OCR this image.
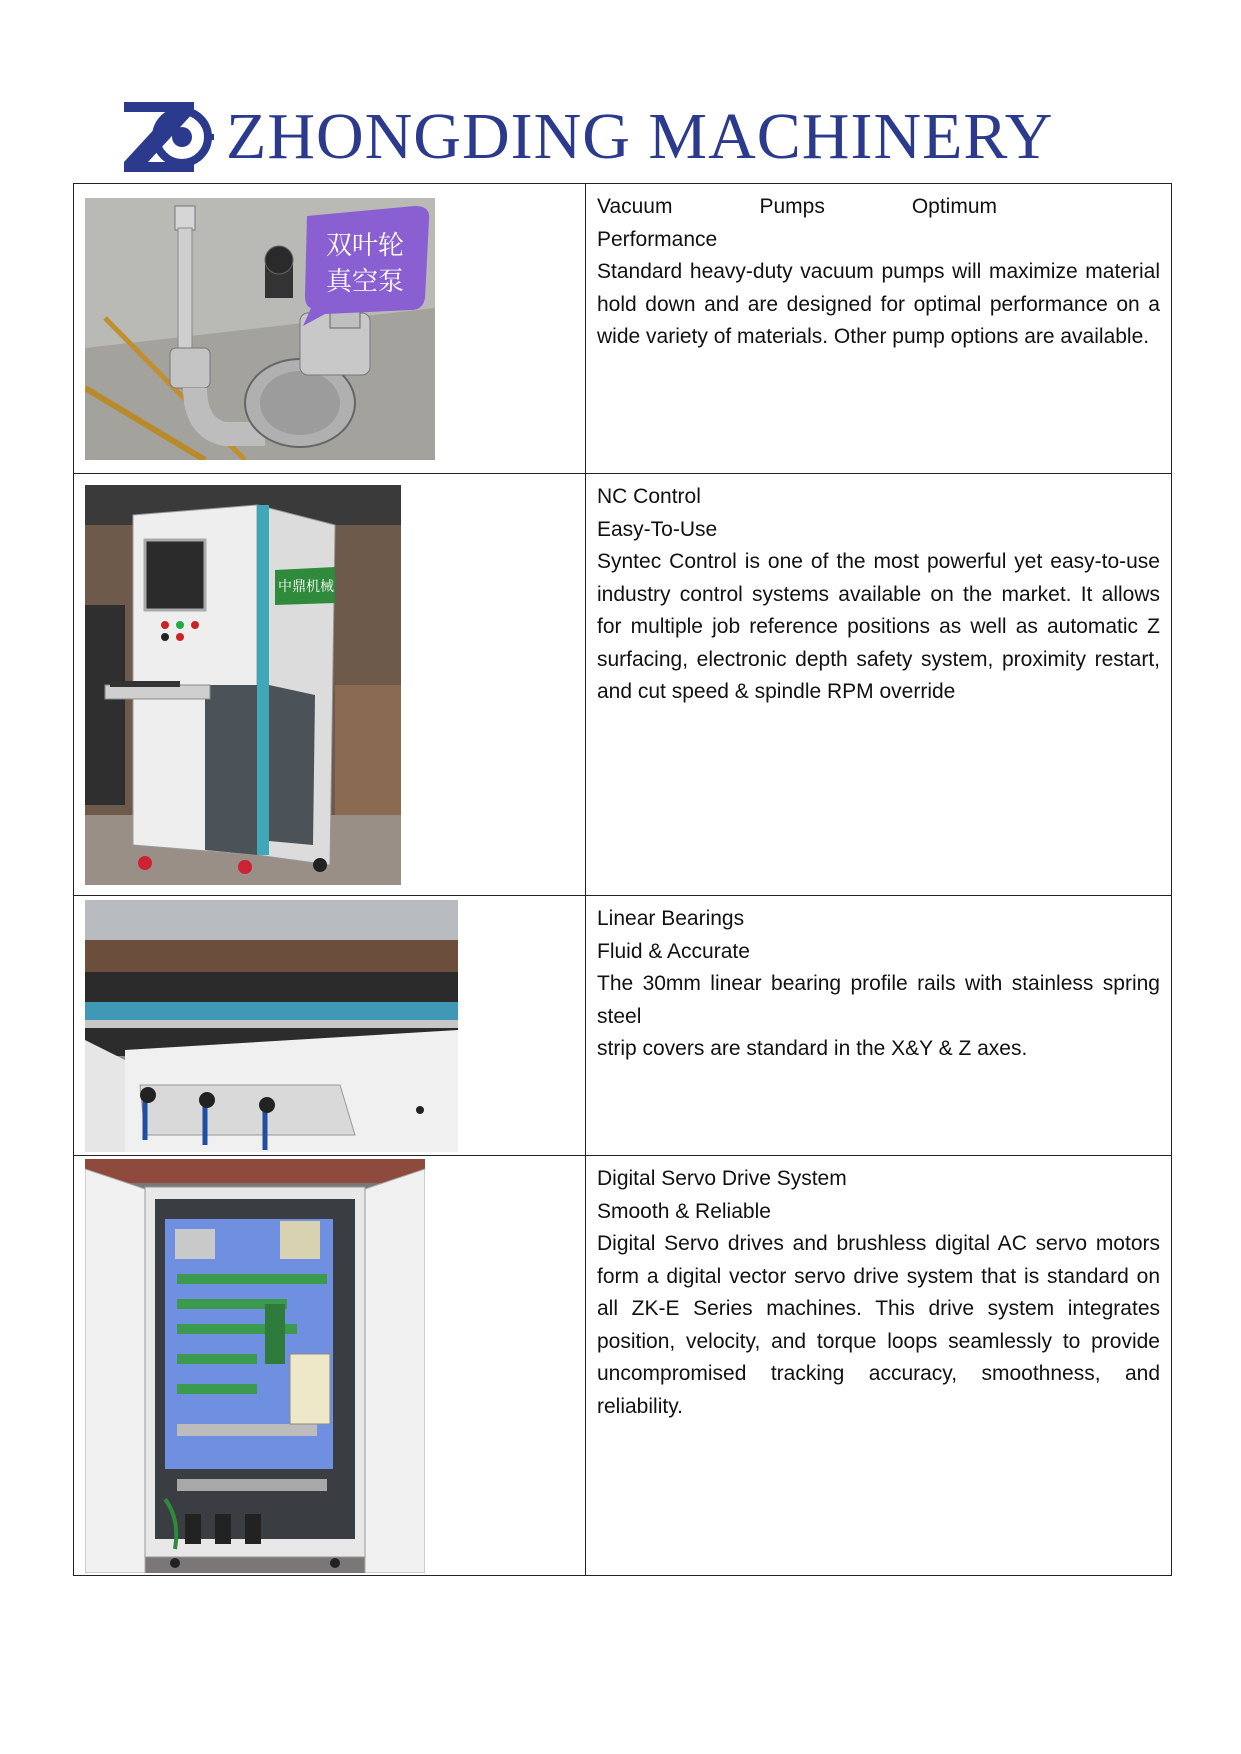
ZHONGDING MACHINERY
双叶轮
真空泵	Vacuum Pumps Optimum
Performance
Standard heavy-duty vacuum pumps will maximize material hold down and are designed for optimal performance on a wide variety of materials. Other pump options are available.

中鼎机械	NC Control
Easy-To-Use
Syntec Control is one of the most powerful yet easy-to-use industry control systems available on the market. It allows for multiple job reference positions as well as automatic Z surfacing, electronic depth safety system, proximity restart, and cut speed & spindle RPM override

Linear Bearings
Fluid & Accurate
The 30mm linear bearing profile rails with stainless spring steel
strip covers are standard in the X&Y & Z axes.

Digital Servo Drive System
Smooth & Reliable
Digital Servo drives and brushless digital AC servo motors form a digital vector servo drive system that is standard on all ZK-E Series machines. This drive system integrates position, velocity, and torque loops seamlessly to provide uncompromised tracking accuracy, smoothness, and reliability.
